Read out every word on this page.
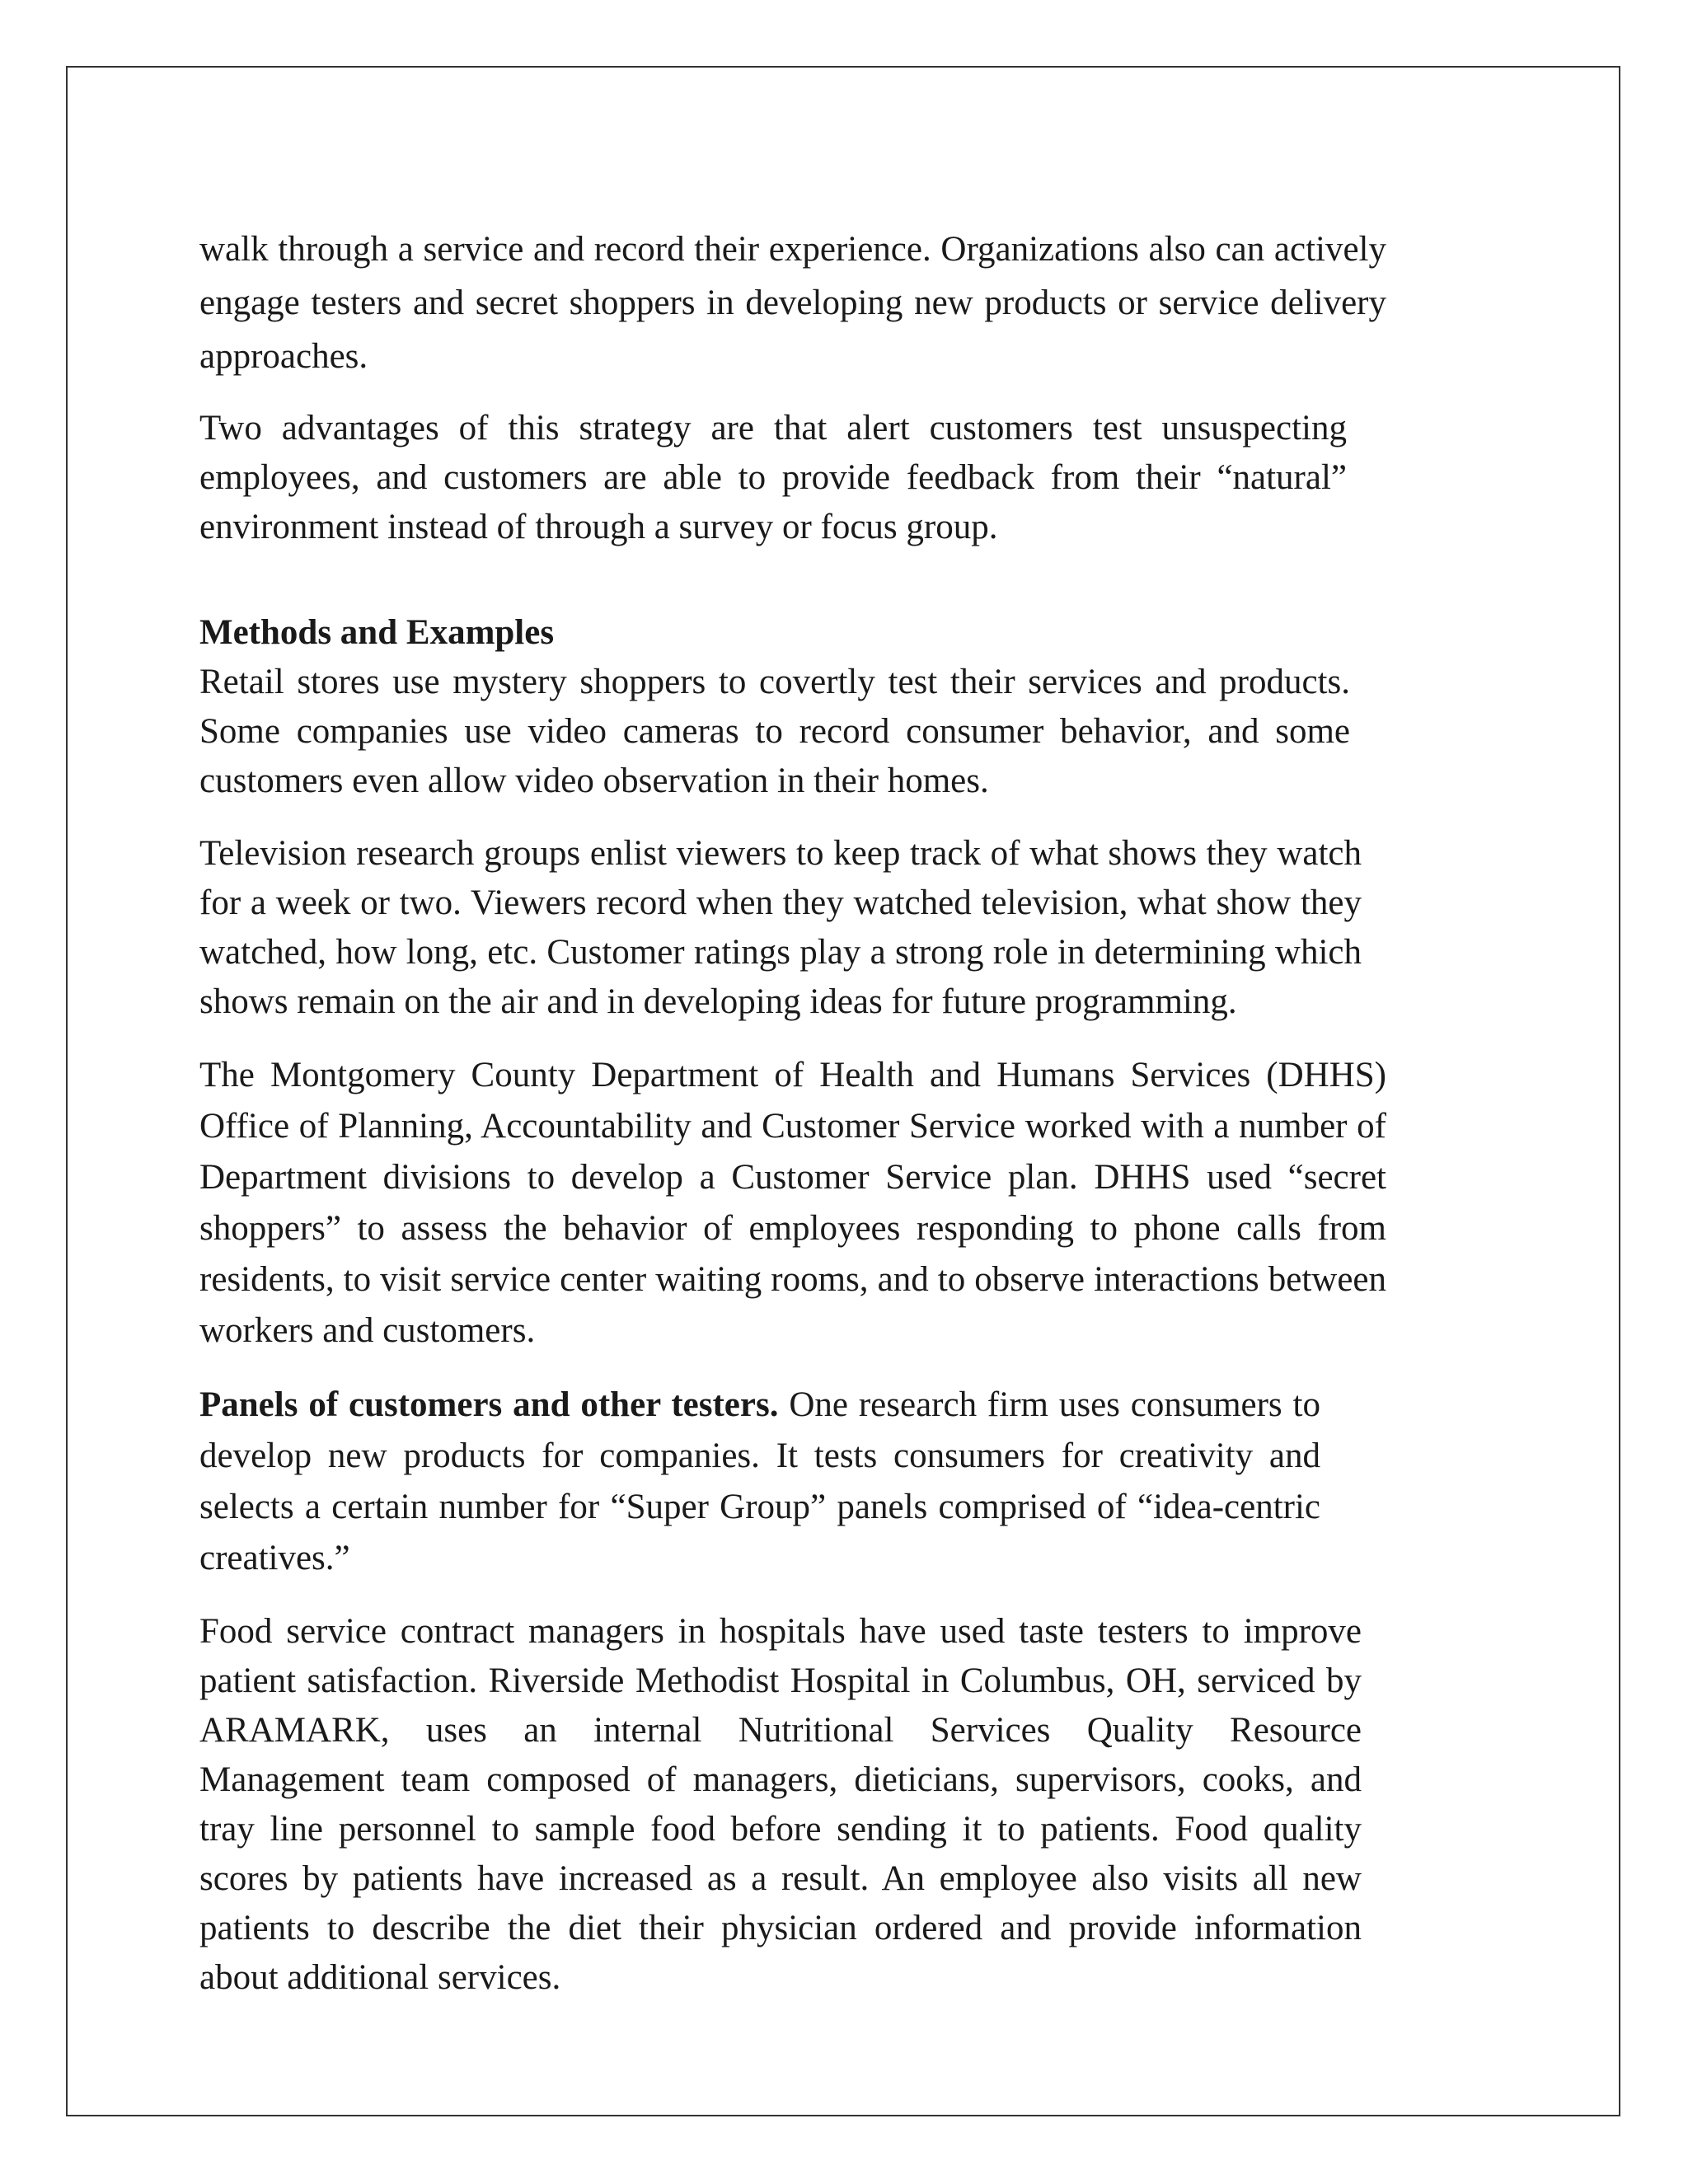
walk through a service and record their experience. Organizations also can actively engage testers and secret shoppers in developing new products or service delivery approaches.

Two advantages of this strategy are that alert customers test unsuspecting employees, and customers are able to provide feedback from their “natural” environment instead of through a survey or focus group.

Methods and Examples

Retail stores use mystery shoppers to covertly test their services and products. Some companies use video cameras to record consumer behavior, and some customers even allow video observation in their homes.

Television research groups enlist viewers to keep track of what shows they watch for a week or two. Viewers record when they watched television, what show they watched, how long, etc. Customer ratings play a strong role in determining which shows remain on the air and in developing ideas for future programming.

The Montgomery County Department of Health and Humans Services (DHHS) Office of Planning, Accountability and Customer Service worked with a number of Department divisions to develop a Customer Service plan. DHHS used “secret shoppers” to assess the behavior of employees responding to phone calls from residents, to visit service center waiting rooms, and to observe interactions between workers and customers.

Panels of customers and other testers. One research firm uses consumers to develop new products for companies. It tests consumers for creativity and selects a certain number for “Super Group” panels comprised of “idea-centric creatives.”

Food service contract managers in hospitals have used taste testers to improve patient satisfaction. Riverside Methodist Hospital in Columbus, OH, serviced by ARAMARK, uses an internal Nutritional Services Quality Resource Management team composed of managers, dieticians, supervisors, cooks, and tray line personnel to sample food before sending it to patients. Food quality scores by patients have increased as a result. An employee also visits all new patients to describe the diet their physician ordered and provide information about additional services.
